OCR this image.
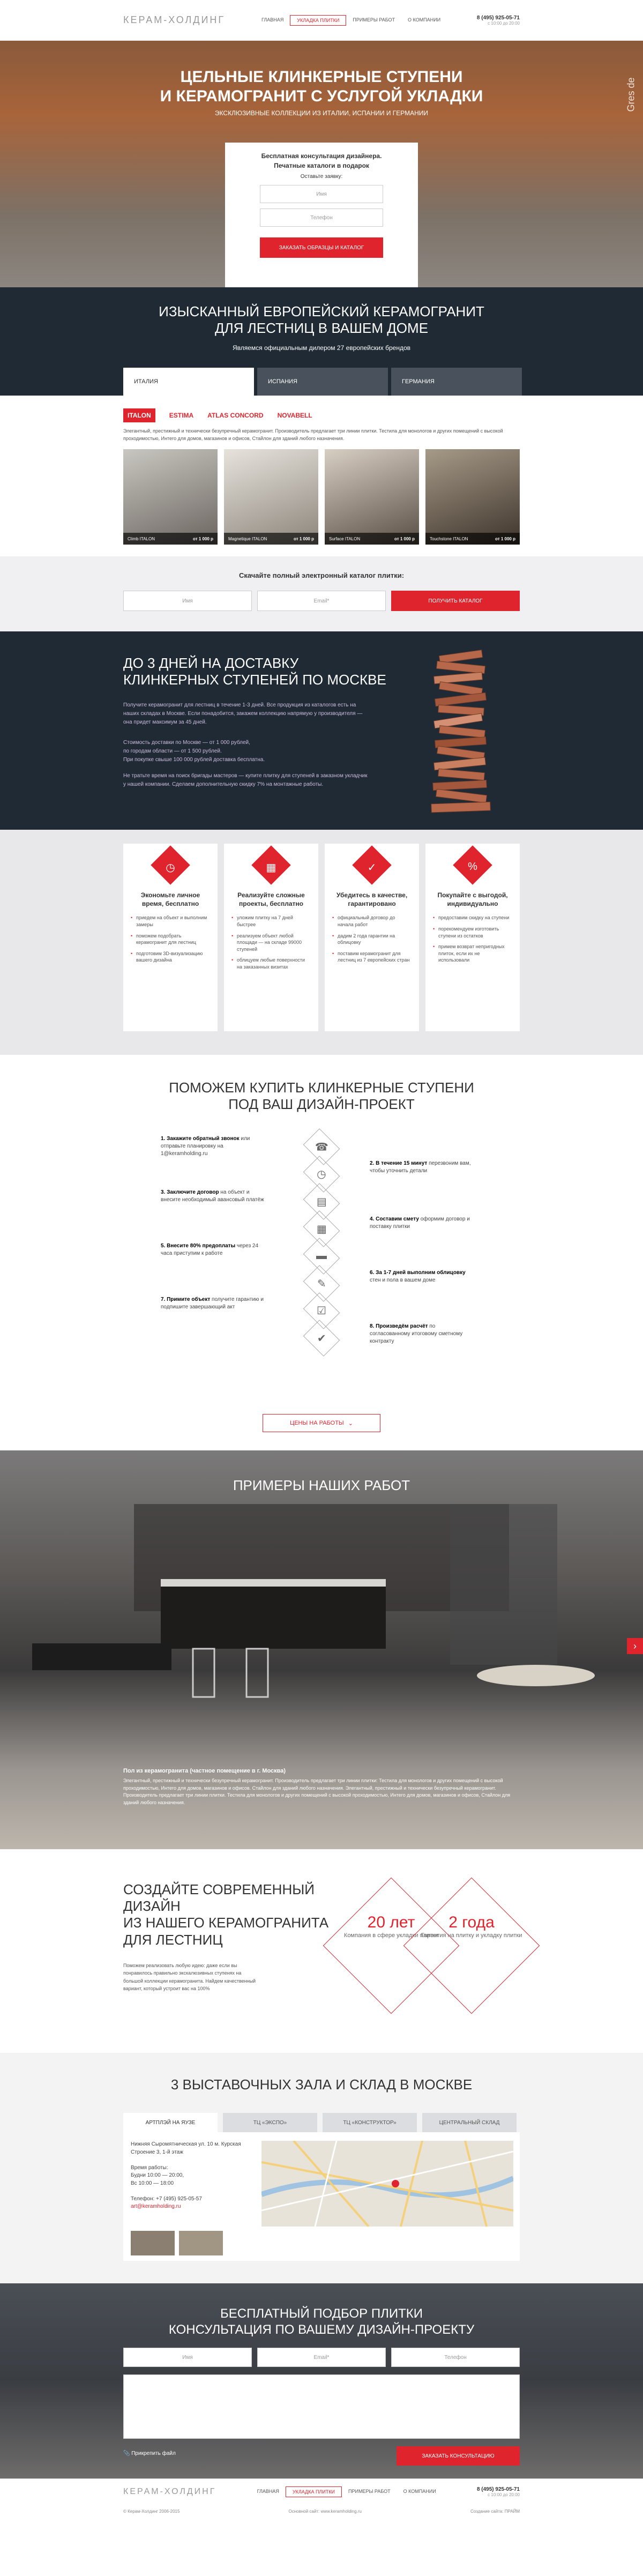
КЕРАМ-ХОЛДИНГ	ГЛАВНАЯ	УКЛАДКА ПЛИТКИ	ПРИМЕРЫ РАБОТ	О КОМПАНИИ	8 (495) 925-05-71
с 10:00 до 20:00
ЦЕЛЬНЫЕ КЛИНКЕРНЫЕ СТУПЕНИ
И КЕРАМОГРАНИТ С УСЛУГОЙ УКЛАДКИ
ЭКСКЛЮЗИВНЫЕ КОЛЛЕКЦИИ ИЗ ИТАЛИИ, ИСПАНИИ И ГЕРМАНИИ
Gres de
Бесплатная консультация дизайнера.
Печатные каталоги в подарок
Оставьте заявку:
Имя
Телефон
ЗАКАЗАТЬ ОБРАЗЦЫ И КАТАЛОГ
ИЗЫСКАННЫЙ ЕВРОПЕЙСКИЙ КЕРАМОГРАНИТ
ДЛЯ ЛЕСТНИЦ В ВАШЕМ ДОМЕ
Являемся официальным дилером 27 европейских брендов
ИТАЛИЯ	ИСПАНИЯ	ГЕРМАНИЯ
ITALON	ESTIMA ATLAS CONCORD NOVABELL
Элегантный, престижный и технически безупречный керамогранит. Производитель предлагает три линии плитки. Тестила для монологов и других помещений с высокой проходимостью, Интего для домов, магазинов и офисов, Стайлон для зданий любого назначения.
Climb ITALON	от 1 000 р	Magnetique ITALON	от 1 000 р	Surface ITALON	от 1 000 р	Touchstone ITALON	от 1 000 р
Скачайте полный электронный каталог плитки:
Имя	Email*	ПОЛУЧИТЬ КАТАЛОГ
ДО 3 ДНЕЙ НА ДОСТАВКУ
КЛИНКЕРНЫХ СТУПЕНЕЙ ПО МОСКВЕ
Получите керамогранит для лестниц в течение 1-3 дней. Все продукция из каталогов есть на наших складах в Москве. Если понадобится, закажем коллекцию напрямую у производителя — она придет максимум за 45 дней.
Стоимость доставки по Москве — от 1 000 рублей,
по городам области — от 1 500 рублей.
При покупке свыше 100 000 рублей доставка бесплатна.
Не тратьте время на поиск бригады мастеров — купите плитку для ступеней в заказном укладчик у нашей компании. Сделаем дополнительную скидку 7% на монтажные работы.
◷
Экономьте личное время, бесплатно
• приедем на объект и выполним замеры
• поможем подобрать керамогранит для лестниц
• подготовим 3D-визуализацию вашего дизайна
▦
Реализуйте сложные проекты, бесплатно
• уложим плитку на 7 дней быстрее
• реализуем объект любой площади — на складе 99000 ступеней
• облицуем любые поверхности на заказанных визитах
✓
Убедитесь в качестве, гарантировано
• официальный договор до начала работ
• дадим 2 года гарантии на облицовку
• поставим керамогранит для лестниц из 7 европейских стран
%
Покупайте с выгодой, индивидуально
• предоставим скидку на ступени
• порекомендуем изготовить ступени из остатков
• примем возврат непригодных плиток, если их не использовали
ПОМОЖЕМ КУПИТЬ КЛИНКЕРНЫЕ СТУПЕНИ
ПОД ВАШ ДИЗАЙН-ПРОЕКТ
☎
◷
▤
▦
▬
✎
☑
✔
1. Закажите обратный звонок или отправьте планировку на 1@keramholding.ru
2. В течение 15 минут перезвоним вам, чтобы уточнить детали
3. Заключите договор на объект и внесите необходимый авансовый платёж
4. Составим смету оформим договор и поставку плитки
5. Внесите 80% предоплаты через 24 часа приступим к работе
6. За 1-7 дней выполним облицовку стен и пола в вашем доме
7. Примите объект получите гарантию и подпишите завершающий акт
8. Произведём расчёт по согласованному итоговому сметному контракту
ЦЕНЫ НА РАБОТЫ ⌄
ПРИМЕРЫ НАШИХ РАБОТ
›
Пол из керамогранита (частное помещение в г. Москва)
Элегантный, престижный и технически безупречный керамогранит. Производитель предлагает три линии плитки: Тестила для монологов и других помещений с высокой проходимостью, Интего для домов, магазинов и офисов. Стайлон для зданий любого назначения. Элегантный, престижный и технически безупречный керамогранит. Производитель предлагает три линии плитки. Тестила для монологов и других помещений с высокой проходимостью, Интего для домов, магазинов и офисов, Стайлон для зданий любого назначения.
СОЗДАЙТЕ СОВРЕМЕННЫЙ ДИЗАЙН
ИЗ НАШЕГО КЕРАМОГРАНИТА
ДЛЯ ЛЕСТНИЦ
Поможем реализовать любую идею: даже если вы понравилось правильно экскалюзивных ступенях на большой коллекции керамогранита. Найдем качественный вариант, который устроит вас на 100%
20 лет
Компания в сфере укладки плитки
2 года
Гарантия на плитку и укладку плитки
3 ВЫСТАВОЧНЫХ ЗАЛА И СКЛАД В МОСКВЕ
АРТПЛЭЙ НА ЯУЗЕ	ТЦ «ЭКСПО»	ТЦ «КОНСТРУКТОР»	ЦЕНТРАЛЬНЫЙ СКЛАД
Нижняя Сыромятническая ул. 10 м. Курская Строение 3, 1-й этаж

Время работы:
Будни 10:00 — 20:00,
Вс 10:00 — 18:00

Телефон: +7 (495) 925-05-57
art@keramholding.ru
БЕСПЛАТНЫЙ ПОДБОР ПЛИТКИ
КОНСУЛЬТАЦИЯ ПО ВАШЕМУ ДИЗАЙН-ПРОЕКТУ
Имя	Email*	Телефон
📎 Прикрепить файл	ЗАКАЗАТЬ КОНСУЛЬТАЦИЮ
КЕРАМ-ХОЛДИНГ	ГЛАВНАЯ	УКЛАДКА ПЛИТКИ	ПРИМЕРЫ РАБОТ	О КОМПАНИИ	8 (495) 925-05-71
с 10:00 до 20:00
© Керам-Холдинг 2006-2015	Основной сайт: www.keramholding.ru	Создание сайта: ПРАЙМ
